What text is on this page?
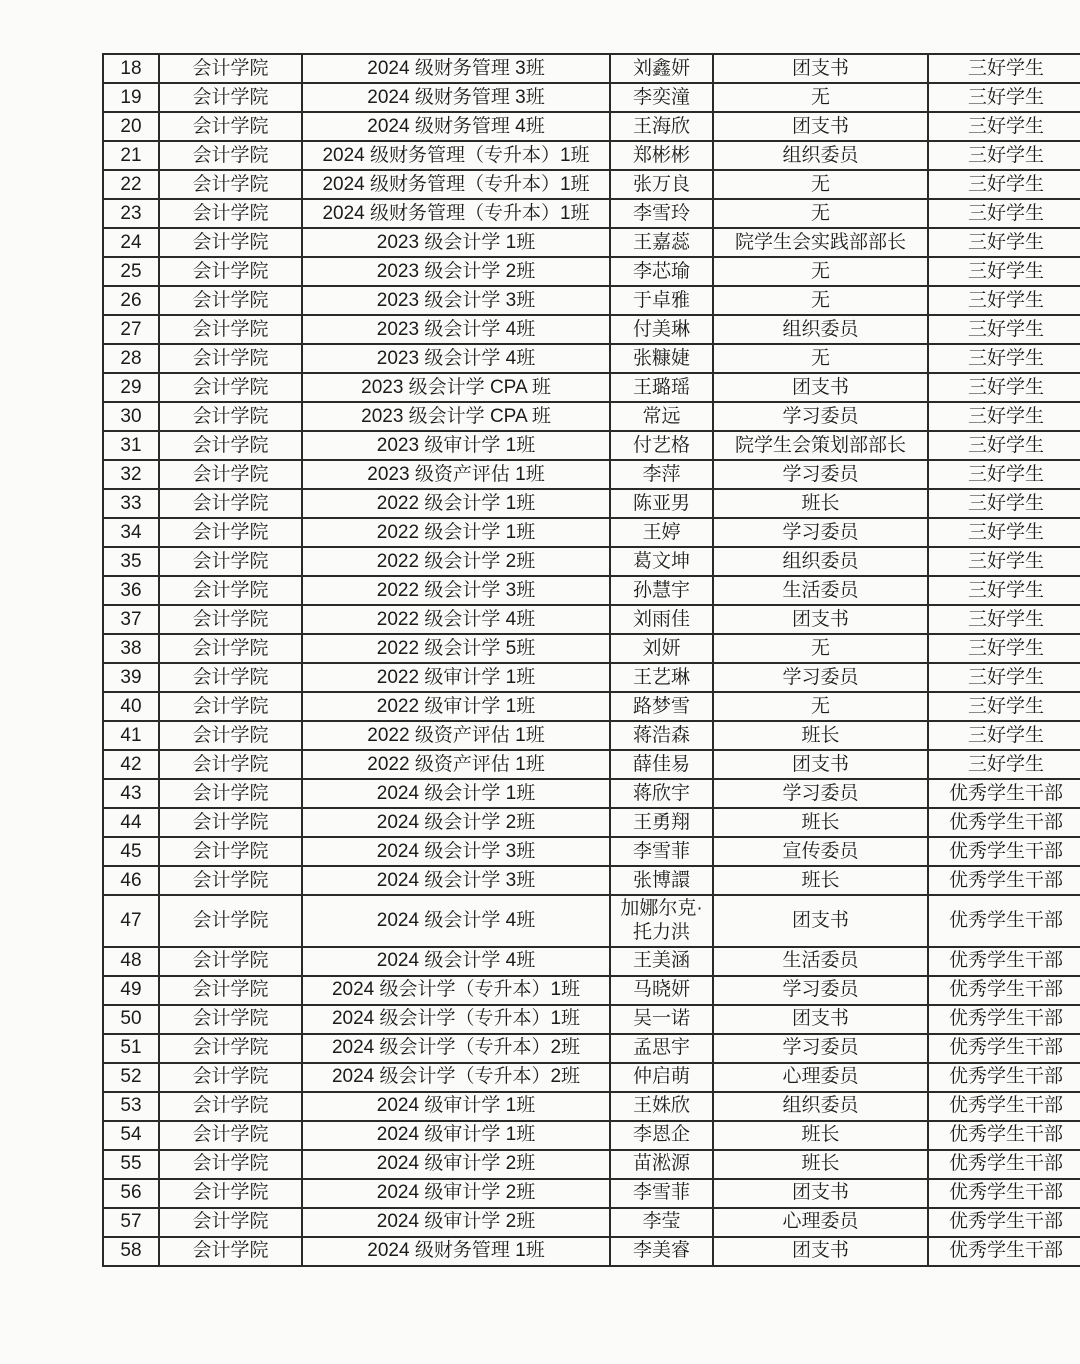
18	会计学院	2024 级财务管理 3班	刘鑫妍	团支书	三好学生
19	会计学院	2024 级财务管理 3班	李奕潼	无	三好学生
20	会计学院	2024 级财务管理 4班	王海欣	团支书	三好学生
21	会计学院	2024 级财务管理（专升本）1班	郑彬彬	组织委员	三好学生
22	会计学院	2024 级财务管理（专升本）1班	张万良	无	三好学生
23	会计学院	2024 级财务管理（专升本）1班	李雪玲	无	三好学生
24	会计学院	2023 级会计学 1班	王嘉蕊	院学生会实践部部长	三好学生
25	会计学院	2023 级会计学 2班	李芯瑜	无	三好学生
26	会计学院	2023 级会计学 3班	于卓雅	无	三好学生
27	会计学院	2023 级会计学 4班	付美琳	组织委员	三好学生
28	会计学院	2023 级会计学 4班	张糠婕	无	三好学生
29	会计学院	2023 级会计学 CPA 班	王璐瑶	团支书	三好学生
30	会计学院	2023 级会计学 CPA 班	常远	学习委员	三好学生
31	会计学院	2023 级审计学 1班	付艺格	院学生会策划部部长	三好学生
32	会计学院	2023 级资产评估 1班	李萍	学习委员	三好学生
33	会计学院	2022 级会计学 1班	陈亚男	班长	三好学生
34	会计学院	2022 级会计学 1班	王婷	学习委员	三好学生
35	会计学院	2022 级会计学 2班	葛文坤	组织委员	三好学生
36	会计学院	2022 级会计学 3班	孙慧宇	生活委员	三好学生
37	会计学院	2022 级会计学 4班	刘雨佳	团支书	三好学生
38	会计学院	2022 级会计学 5班	刘妍	无	三好学生
39	会计学院	2022 级审计学 1班	王艺琳	学习委员	三好学生
40	会计学院	2022 级审计学 1班	路梦雪	无	三好学生
41	会计学院	2022 级资产评估 1班	蒋浩森	班长	三好学生
42	会计学院	2022 级资产评估 1班	薛佳易	团支书	三好学生
43	会计学院	2024 级会计学 1班	蒋欣宇	学习委员	优秀学生干部
44	会计学院	2024 级会计学 2班	王勇翔	班长	优秀学生干部
45	会计学院	2024 级会计学 3班	李雪菲	宣传委员	优秀学生干部
46	会计学院	2024 级会计学 3班	张博譞	班长	优秀学生干部
47	会计学院	2024 级会计学 4班	加娜尔克·托力洪	团支书	优秀学生干部
48	会计学院	2024 级会计学 4班	王美涵	生活委员	优秀学生干部
49	会计学院	2024 级会计学（专升本）1班	马晓妍	学习委员	优秀学生干部
50	会计学院	2024 级会计学（专升本）1班	吴一诺	团支书	优秀学生干部
51	会计学院	2024 级会计学（专升本）2班	孟思宇	学习委员	优秀学生干部
52	会计学院	2024 级会计学（专升本）2班	仲启萌	心理委员	优秀学生干部
53	会计学院	2024 级审计学 1班	王姝欣	组织委员	优秀学生干部
54	会计学院	2024 级审计学 1班	李恩企	班长	优秀学生干部
55	会计学院	2024 级审计学 2班	苗淞源	班长	优秀学生干部
56	会计学院	2024 级审计学 2班	李雪菲	团支书	优秀学生干部
57	会计学院	2024 级审计学 2班	李莹	心理委员	优秀学生干部
58	会计学院	2024 级财务管理 1班	李美睿	团支书	优秀学生干部
